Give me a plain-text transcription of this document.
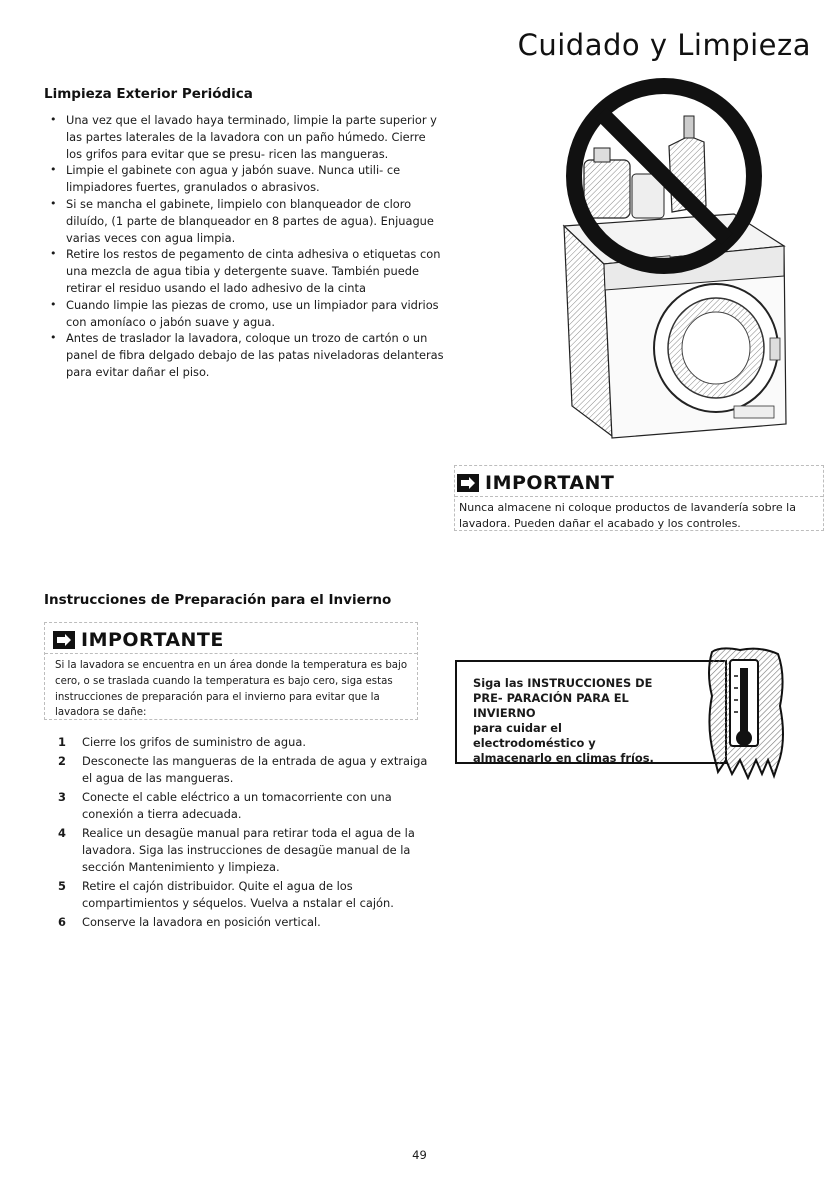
Cuidado y Limpieza
Limpieza Exterior Periódica
• Una vez que el lavado haya terminado, limpie la parte superior y las partes laterales de la lavadora con un paño húmedo. Cierre los grifos para evitar que se presu- ricen las mangueras.
• Limpie el gabinete con agua y jabón suave. Nunca utili- ce limpiadores fuertes, granulados o abrasivos.
• Si se mancha el gabinete, limpielo con blanqueador de cloro diluído, (1 parte de blanqueador en 8 partes de agua). Enjuague varias veces con agua limpia.
• Retire los restos de pegamento de cinta adhesiva o etiquetas con una mezcla de agua tibia y detergente suave. También puede retirar el residuo usando el lado adhesivo de la cinta
• Cuando limpie las piezas de cromo, use un limpiador para vidrios con amoníaco o jabón suave y agua.
• Antes de traslador la lavadora, coloque un trozo de cartón o un panel de fibra delgado debajo de las patas niveladoras delanteras para evitar dañar el piso.
IMPORTANT
Nunca almacene ni coloque productos de lavandería sobre la lavadora. Pueden dañar el acabado y los controles.
Instrucciones de Preparación para el Invierno
IMPORTANTE
Si la lavadora se encuentra en un área donde la temperatura es bajo cero, o se traslada cuando la temperatura es bajo cero, siga estas instrucciones de preparación para el invierno para evitar que la lavadora se dañe:
1 Cierre los grifos de suministro de agua.
2 Desconecte las mangueras de la entrada de agua y extraiga el agua de las mangueras.
3 Conecte el cable eléctrico a un tomacorriente con una conexión a tierra adecuada.
4 Realice un desagüe manual para retirar toda el agua de la lavadora. Siga las instrucciones de desagüe manual de la sección Mantenimiento y limpieza.
5 Retire el cajón distribuidor. Quite el agua de los compartimientos y séquelos. Vuelva a nstalar el cajón.
6 Conserve la lavadora en posición vertical.
Siga las INSTRUCCIONES DE PRE- PARACIÓN PARA EL INVIERNO
para cuidar el electrodoméstico y almacenarlo en climas fríos.
49
